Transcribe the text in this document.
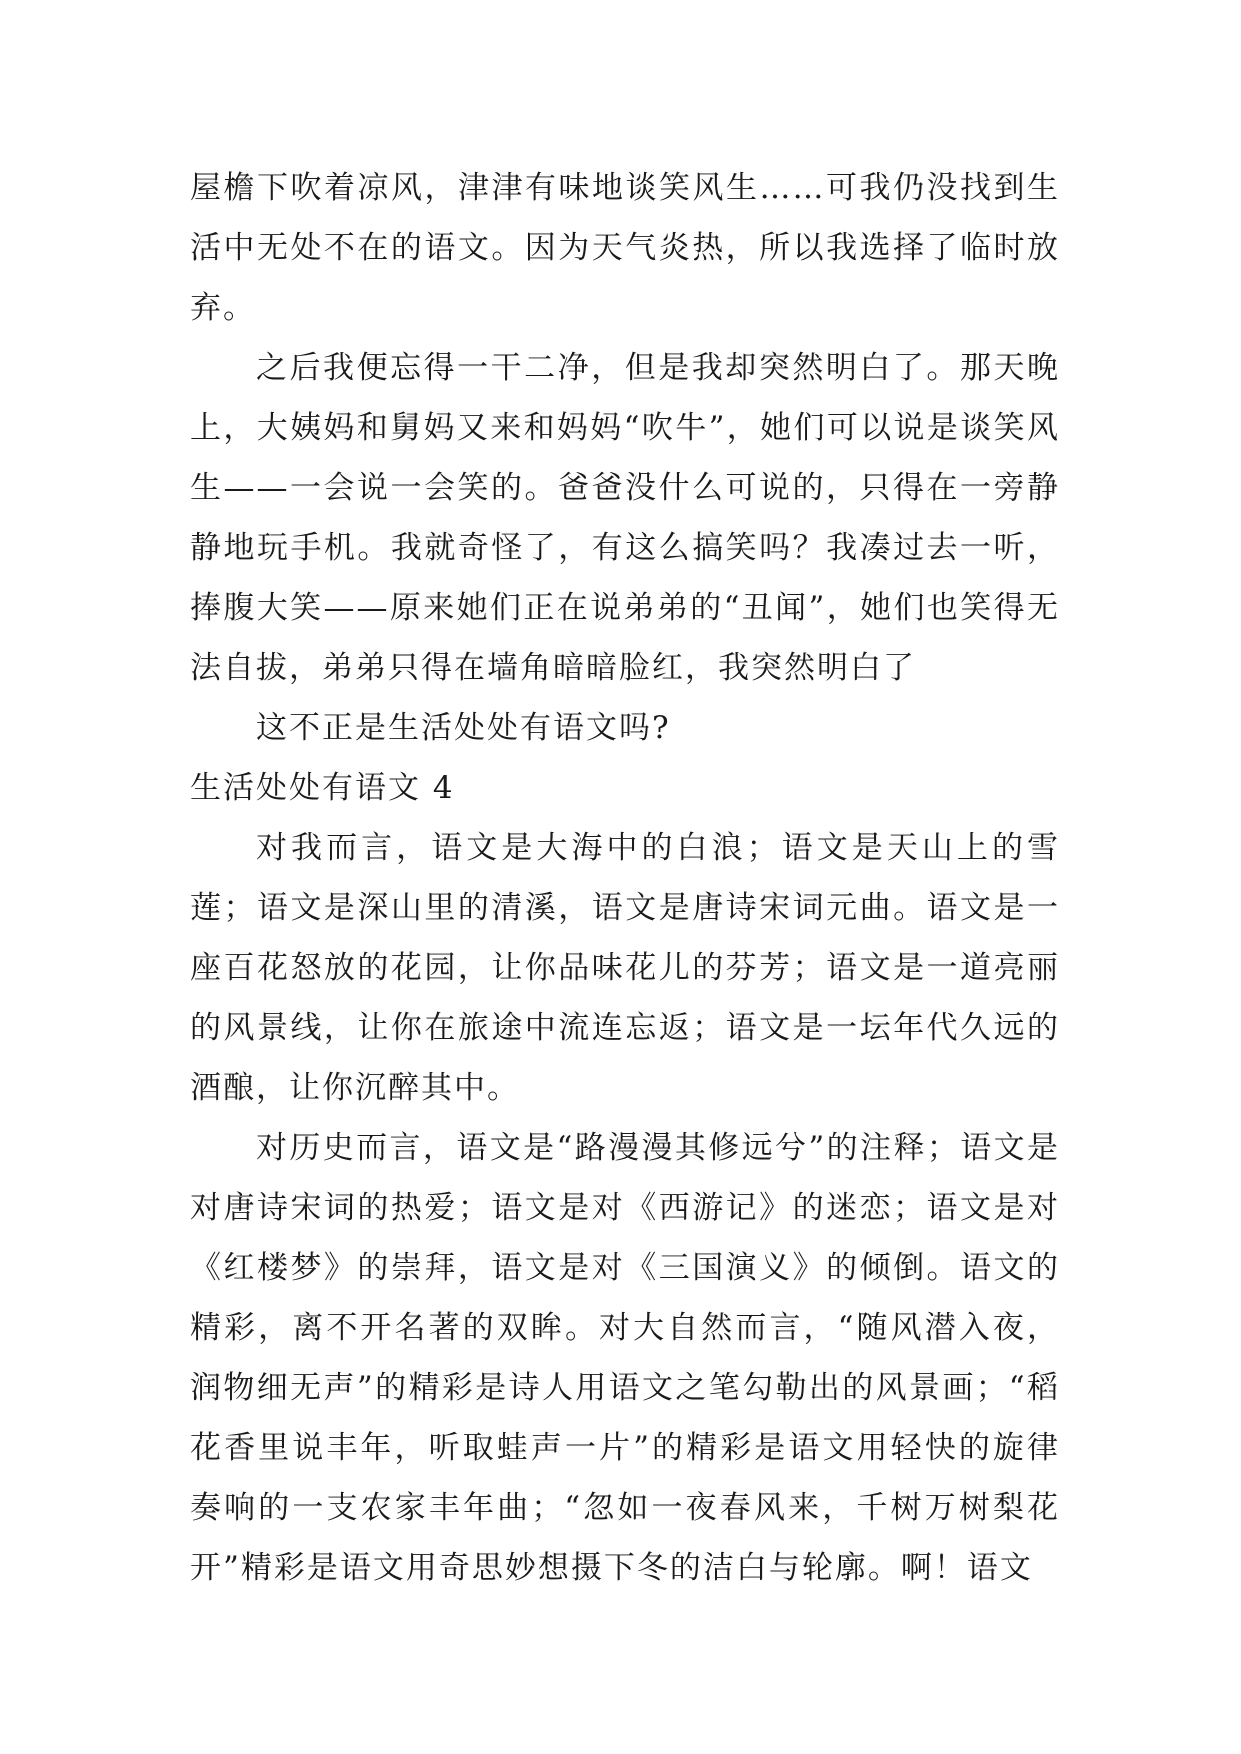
屋檐下吹着凉风，津津有味地谈笑风生……可我仍没找到生活中无处不在的语文。因为天气炎热，所以我选择了临时放弃。

之后我便忘得一干二净，但是我却突然明白了。那天晚上，大姨妈和舅妈又来和妈妈“吹牛”，她们可以说是谈笑风生——一会说一会笑的。爸爸没什么可说的，只得在一旁静静地玩手机。我就奇怪了，有这么搞笑吗？我凑过去一听，捧腹大笑——原来她们正在说弟弟的“丑闻”，她们也笑得无法自拔，弟弟只得在墙角暗暗脸红，我突然明白了

这不正是生活处处有语文吗?

生活处处有语文 4

对我而言，语文是大海中的白浪；语文是天山上的雪莲；语文是深山里的清溪，语文是唐诗宋词元曲。语文是一座百花怒放的花园，让你品味花儿的芬芳；语文是一道亮丽的风景线，让你在旅途中流连忘返；语文是一坛年代久远的酒酿，让你沉醉其中。

对历史而言，语文是“路漫漫其修远兮”的注释；语文是对唐诗宋词的热爱；语文是对《西游记》的迷恋；语文是对《红楼梦》的崇拜，语文是对《三国演义》的倾倒。语文的精彩，离不开名著的双眸。对大自然而言，“随风潜入夜，润物细无声”的精彩是诗人用语文之笔勾勒出的风景画；“稻花香里说丰年，听取蛙声一片”的精彩是语文用轻快的旋律奏响的一支农家丰年曲；“忽如一夜春风来，千树万树梨花开”精彩是语文用奇思妙想摄下冬的洁白与轮廓。啊！语文
